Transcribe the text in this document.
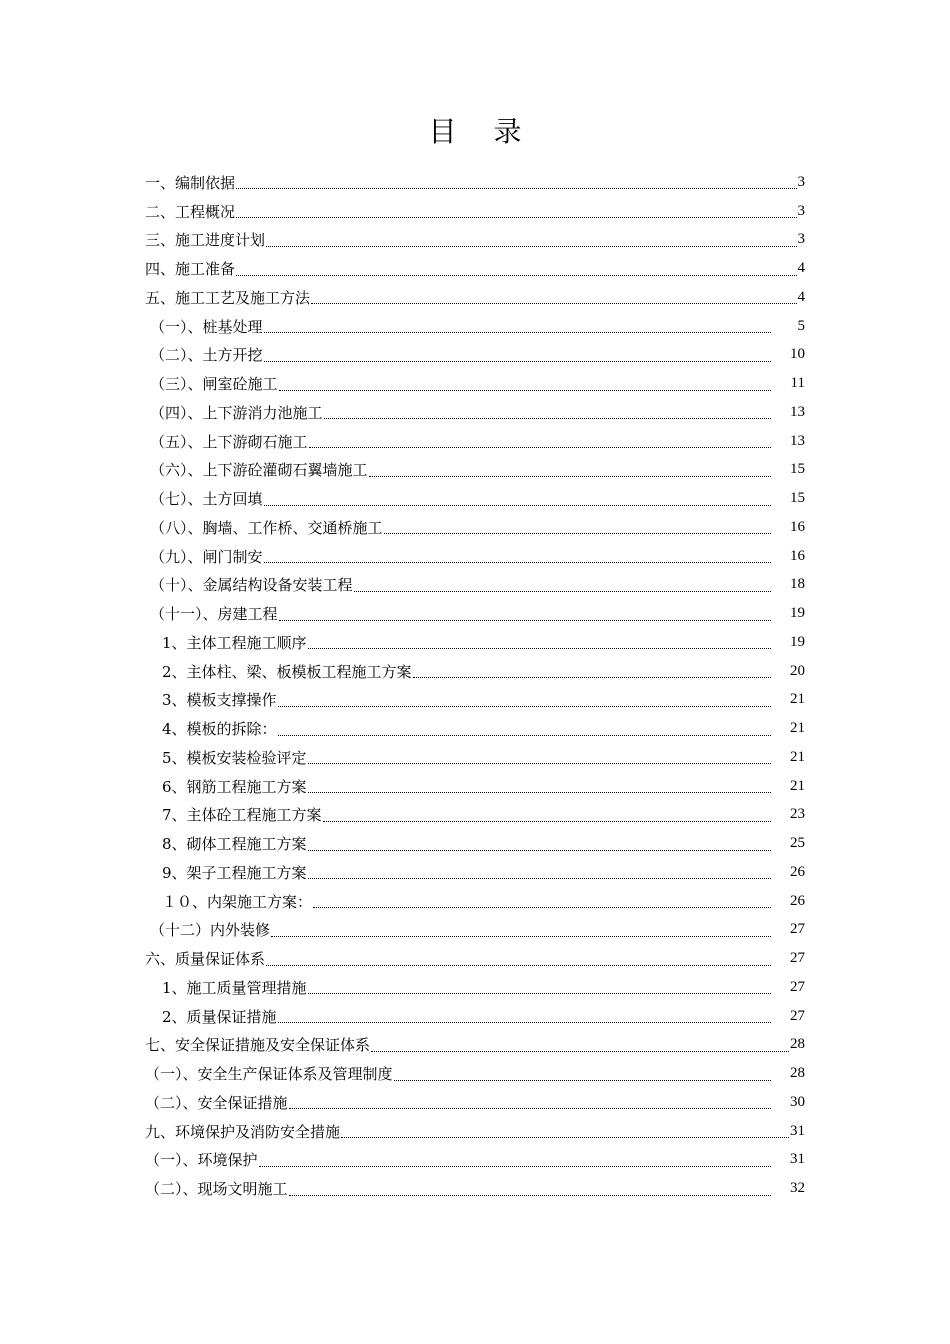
目 录
一、编制依据	3
二、工程概况	3
三、施工进度计划	3
四、施工准备	4
五、施工工艺及施工方法	4
（一）、桩基处理	5
（二）、土方开挖	10
（三）、闸室砼施工	11
（四）、上下游消力池施工	13
（五）、上下游砌石施工	13
（六）、上下游砼灌砌石翼墙施工	15
（七）、土方回填	15
（八）、胸墙、工作桥、交通桥施工	16
（九）、闸门制安	16
（十）、金属结构设备安装工程	18
（十一）、房建工程	19
1、主体工程施工顺序	19
2、主体柱、梁、板模板工程施工方案	20
3、模板支撑操作	21
4、模板的拆除：	21
5、模板安装检验评定	21
6、钢筋工程施工方案	21
7、主体砼工程施工方案	23
8、砌体工程施工方案	25
9、架子工程施工方案	26
１０、内架施工方案：	26
（十二）内外装修	27
六、质量保证体系	27
1、施工质量管理措施	27
2、质量保证措施	27
七、安全保证措施及安全保证体系	28
（一）、安全生产保证体系及管理制度	28
（二）、安全保证措施	30
九、环境保护及消防安全措施	31
（一）、环境保护	31
（二）、现场文明施工	32
